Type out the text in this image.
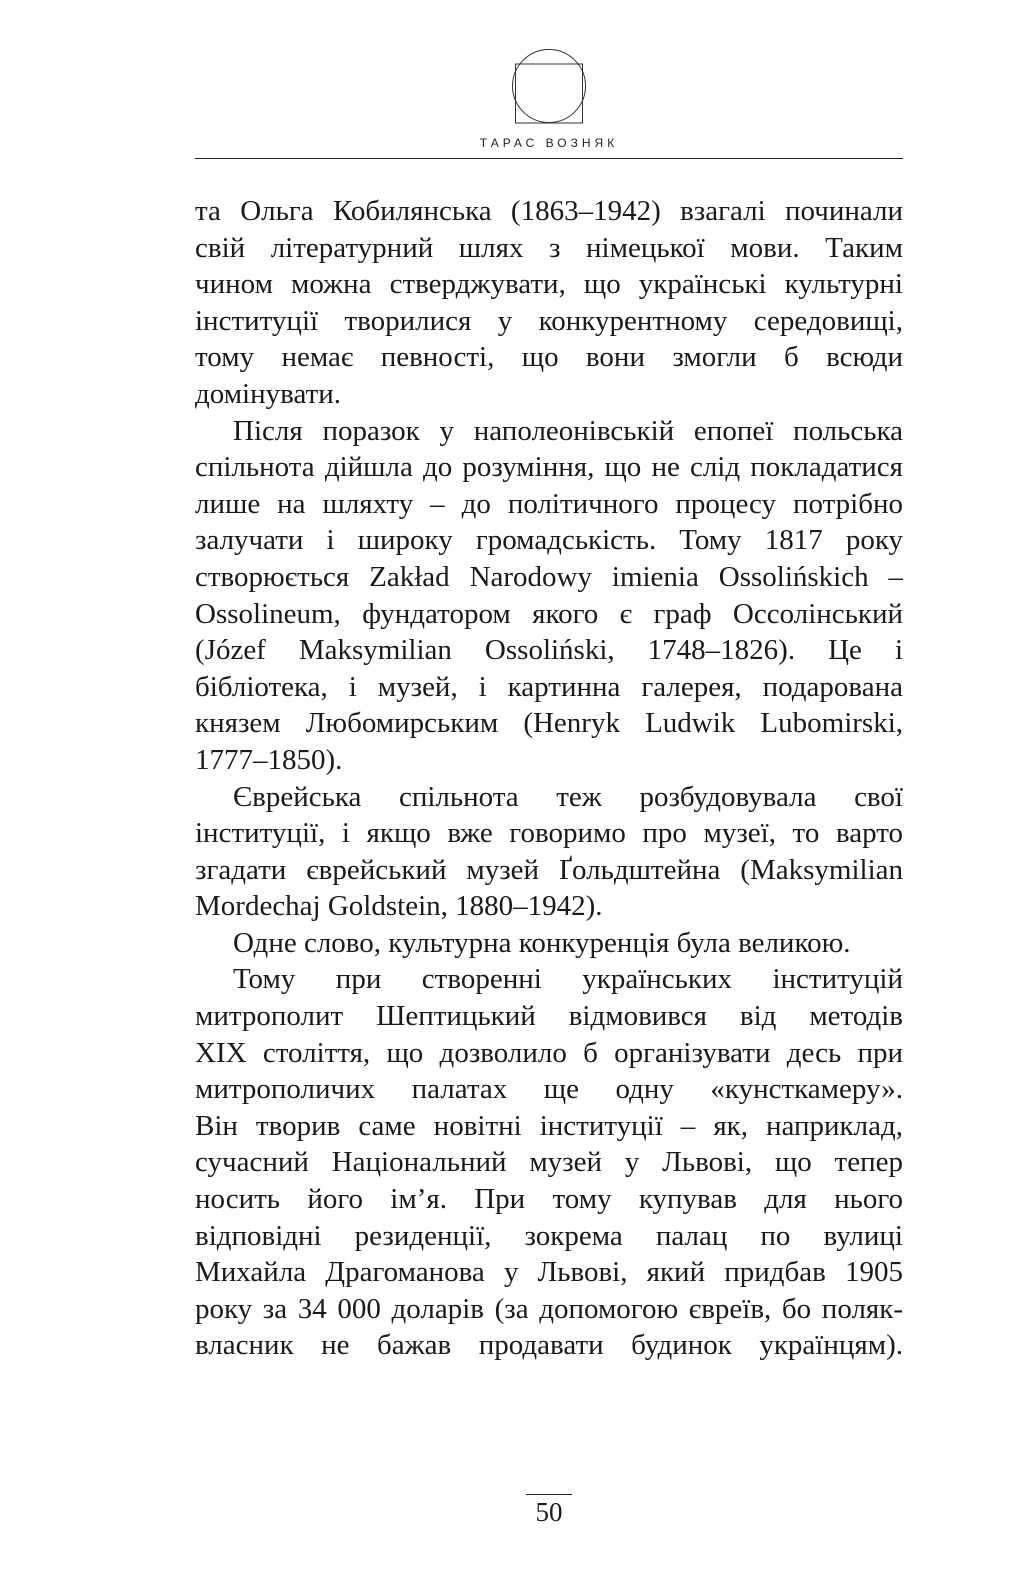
ТАРАС ВОЗНЯК
та Ольга Кобилянська (1863–1942) взагалі починали
свій літературний шлях з німецької мови. Таким
чином можна стверджувати, що українські культурні
інституції творилися у конкурентному середовищі,
тому немає певності, що вони змогли б всюди
домінувати.
Після поразок у наполеонівській епопеї польська
спільнота дійшла до розуміння, що не слід покладатися
лише на шляхту – до політичного процесу потрібно
залучати і широку громадськість. Тому 1817 року
створюється Zakład Narodowy imienia Ossolińskich –
Ossolineum, фундатором якого є граф Оссолінський
(Józef Maksymilian Ossoliński, 1748–1826). Це і
бібліотека, і музей, і картинна галерея, подарована
князем Любомирським (Henryk Ludwik Lubomirski,
1777–1850).
Єврейська спільнота теж розбудовувала свої
інституції, і якщо вже говоримо про музеї, то варто
згадати єврейський музей Ґольдштейна (Maksymilian
Mordechaj Goldstein, 1880–1942).
Одне слово, культурна конкуренція була великою.
Тому при створенні українських інституцій
митрополит Шептицький відмовився від методів
XIX століття, що дозволило б організувати десь при
митрополичих палатах ще одну «кунсткамеру».
Він творив саме новітні інституції – як, наприклад,
сучасний Національний музей у Львові, що тепер
носить його ім’я. При тому купував для нього
відповідні резиденції, зокрема палац по вулиці
Михайла Драгоманова у Львові, який придбав 1905
року за 34 000 доларів (за допомогою євреїв, бо поляк-
власник не бажав продавати будинок українцям).
50
